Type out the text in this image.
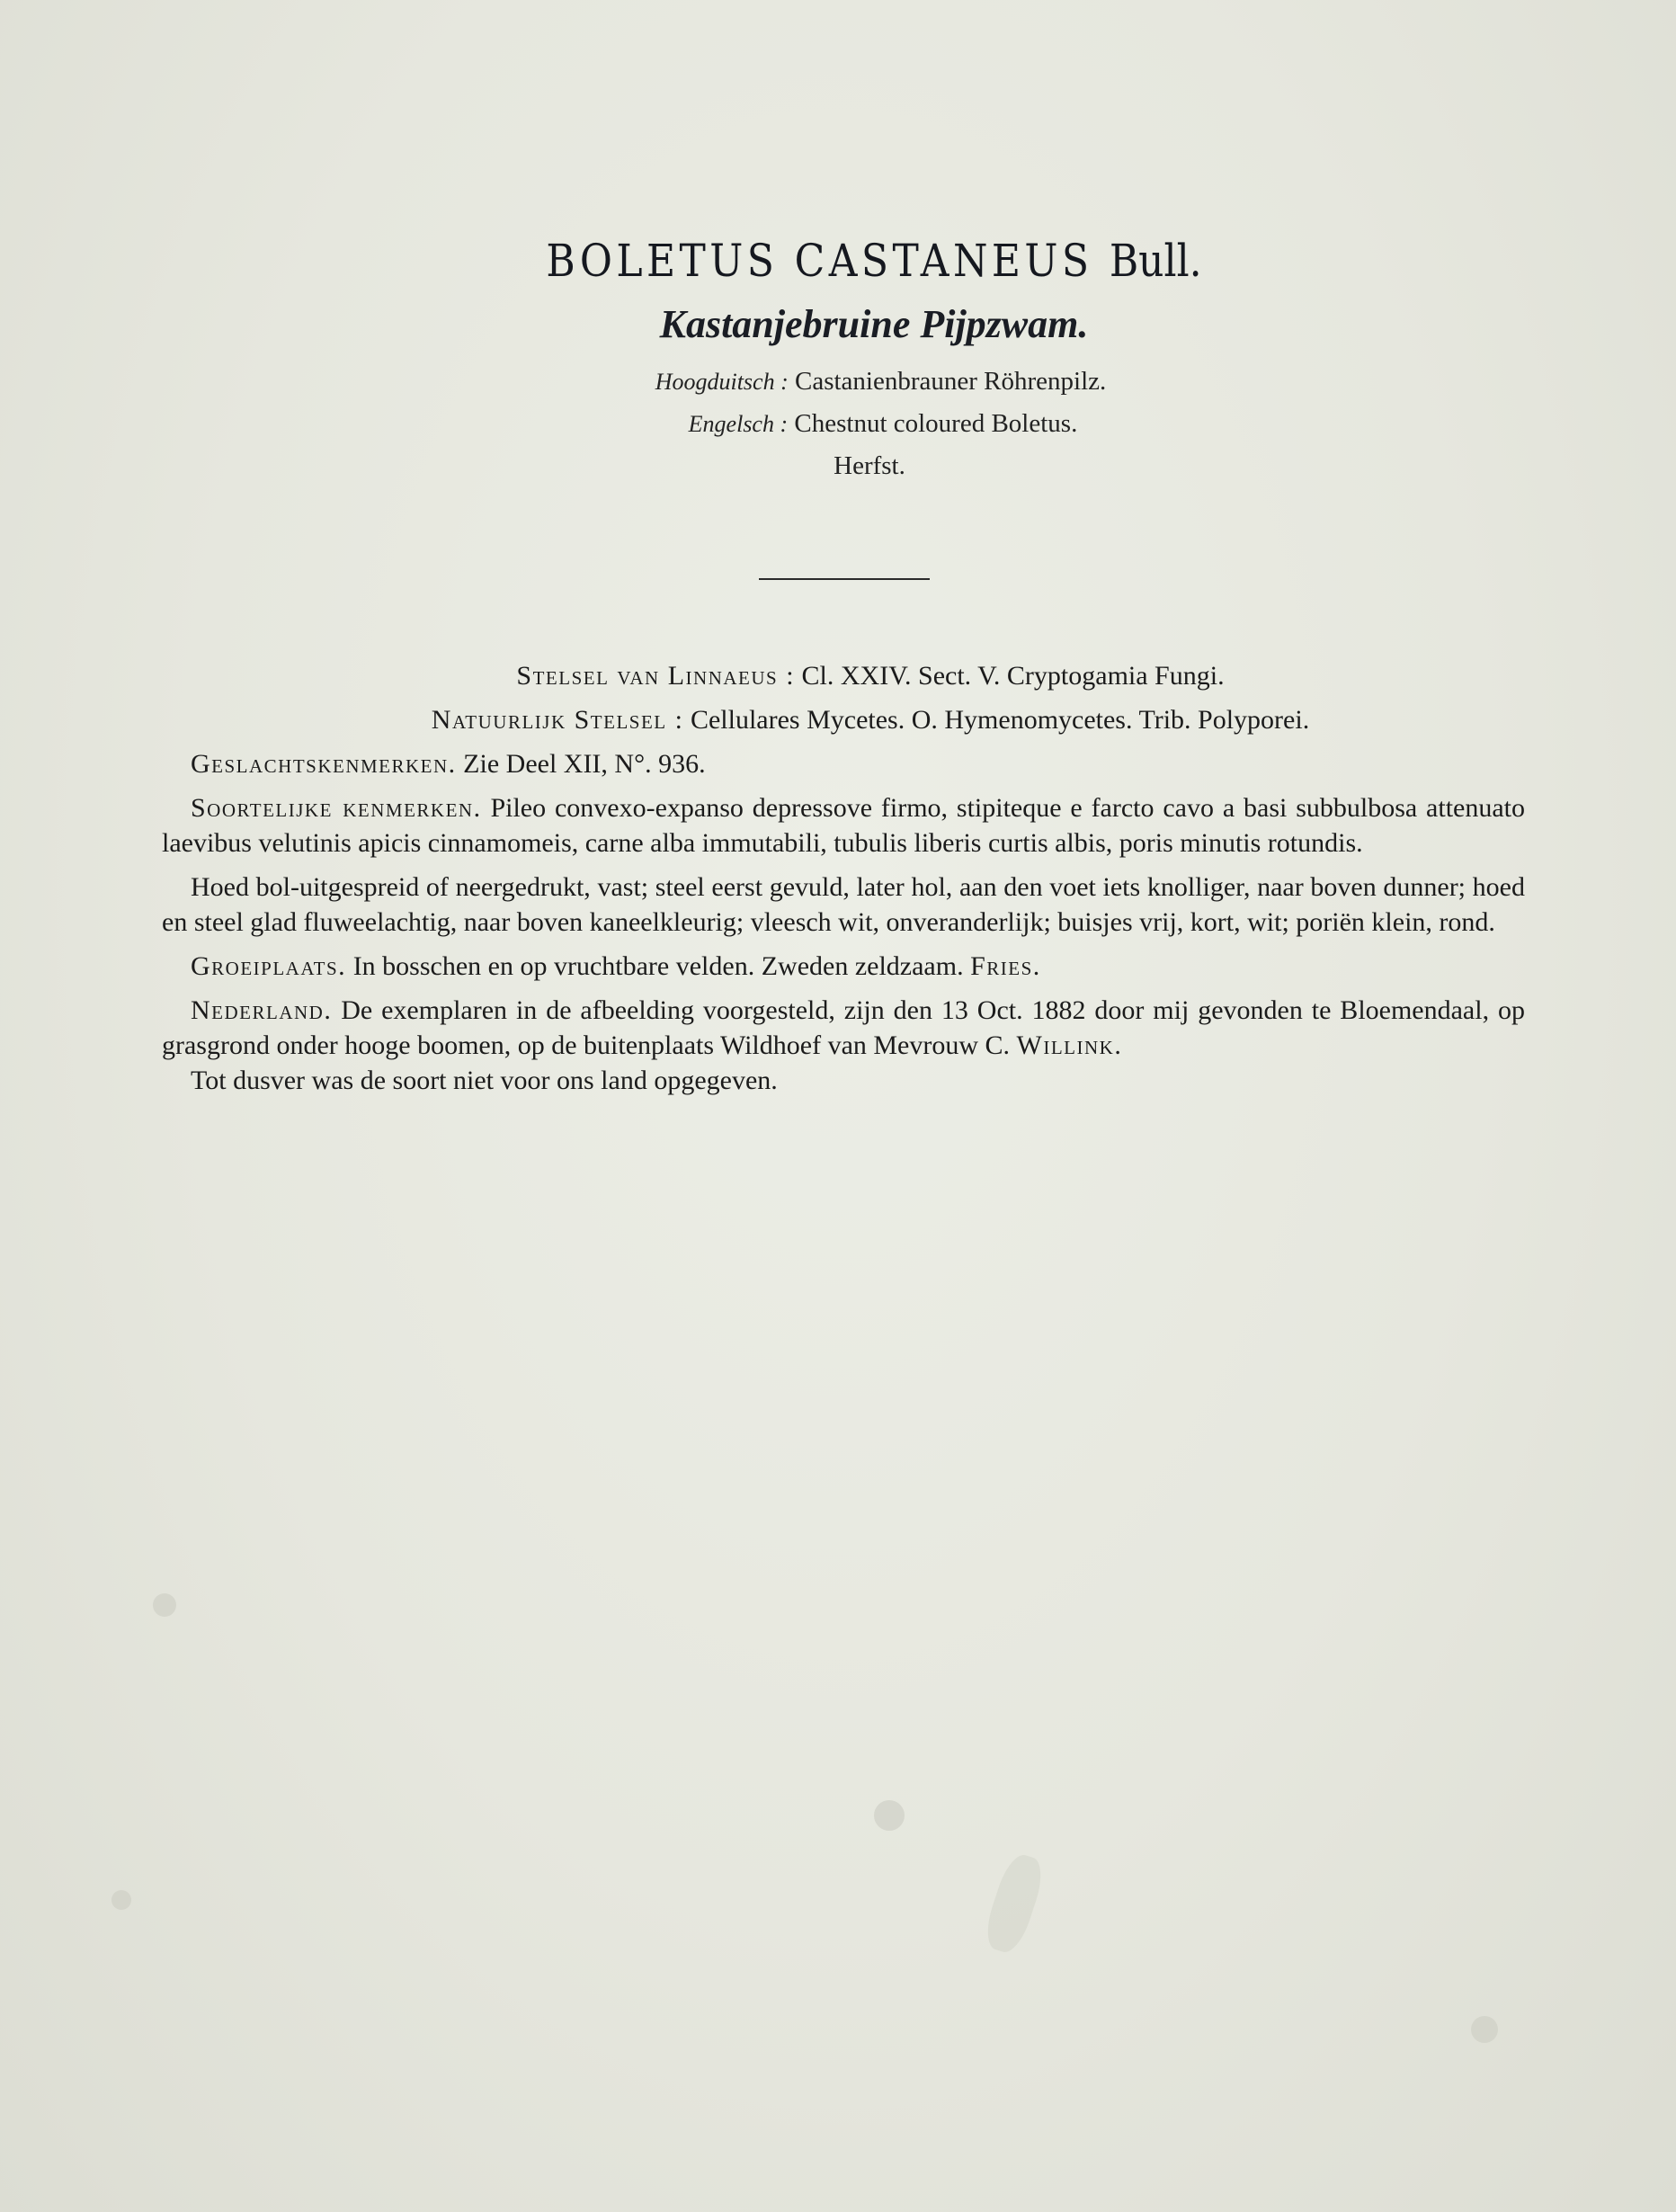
BOLETUS CASTANEUS Bull.
Kastanjebruine Pijpzwam.
Hoogduitsch : Castanienbrauner Röhrenpilz.
Engelsch : Chestnut coloured Boletus.
Herfst.
Stelsel van Linnaeus : Cl. XXIV. Sect. V. Cryptogamia Fungi.
Natuurlijk Stelsel : Cellulares Mycetes. O. Hymenomycetes. Trib. Polyporei.

Geslachtskenmerken. Zie Deel XII, N°. 936.

Soortelijke kenmerken. Pileo convexo-expanso depressove firmo, stipiteque e farcto cavo a basi subbulbosa attenuato laevibus velutinis apicis cinnamomeis, carne alba immutabili, tubulis liberis curtis albis, poris minutis rotundis.

Hoed bol-uitgespreid of neergedrukt, vast; steel eerst gevuld, later hol, aan den voet iets knolliger, naar boven dunner; hoed en steel glad fluweelachtig, naar boven kaneelkleurig; vleesch wit, onveranderlijk; buisjes vrij, kort, wit; poriën klein, rond.

Groeiplaats. In bosschen en op vruchtbare velden. Zweden zeldzaam. Fries.

Nederland. De exemplaren in de afbeelding voorgesteld, zijn den 13 Oct. 1882 door mij gevonden te Bloemendaal, op grasgrond onder hooge boomen, op de buitenplaats Wildhoef van Mevrouw C. Willink.

Tot dusver was de soort niet voor ons land opgegeven.
